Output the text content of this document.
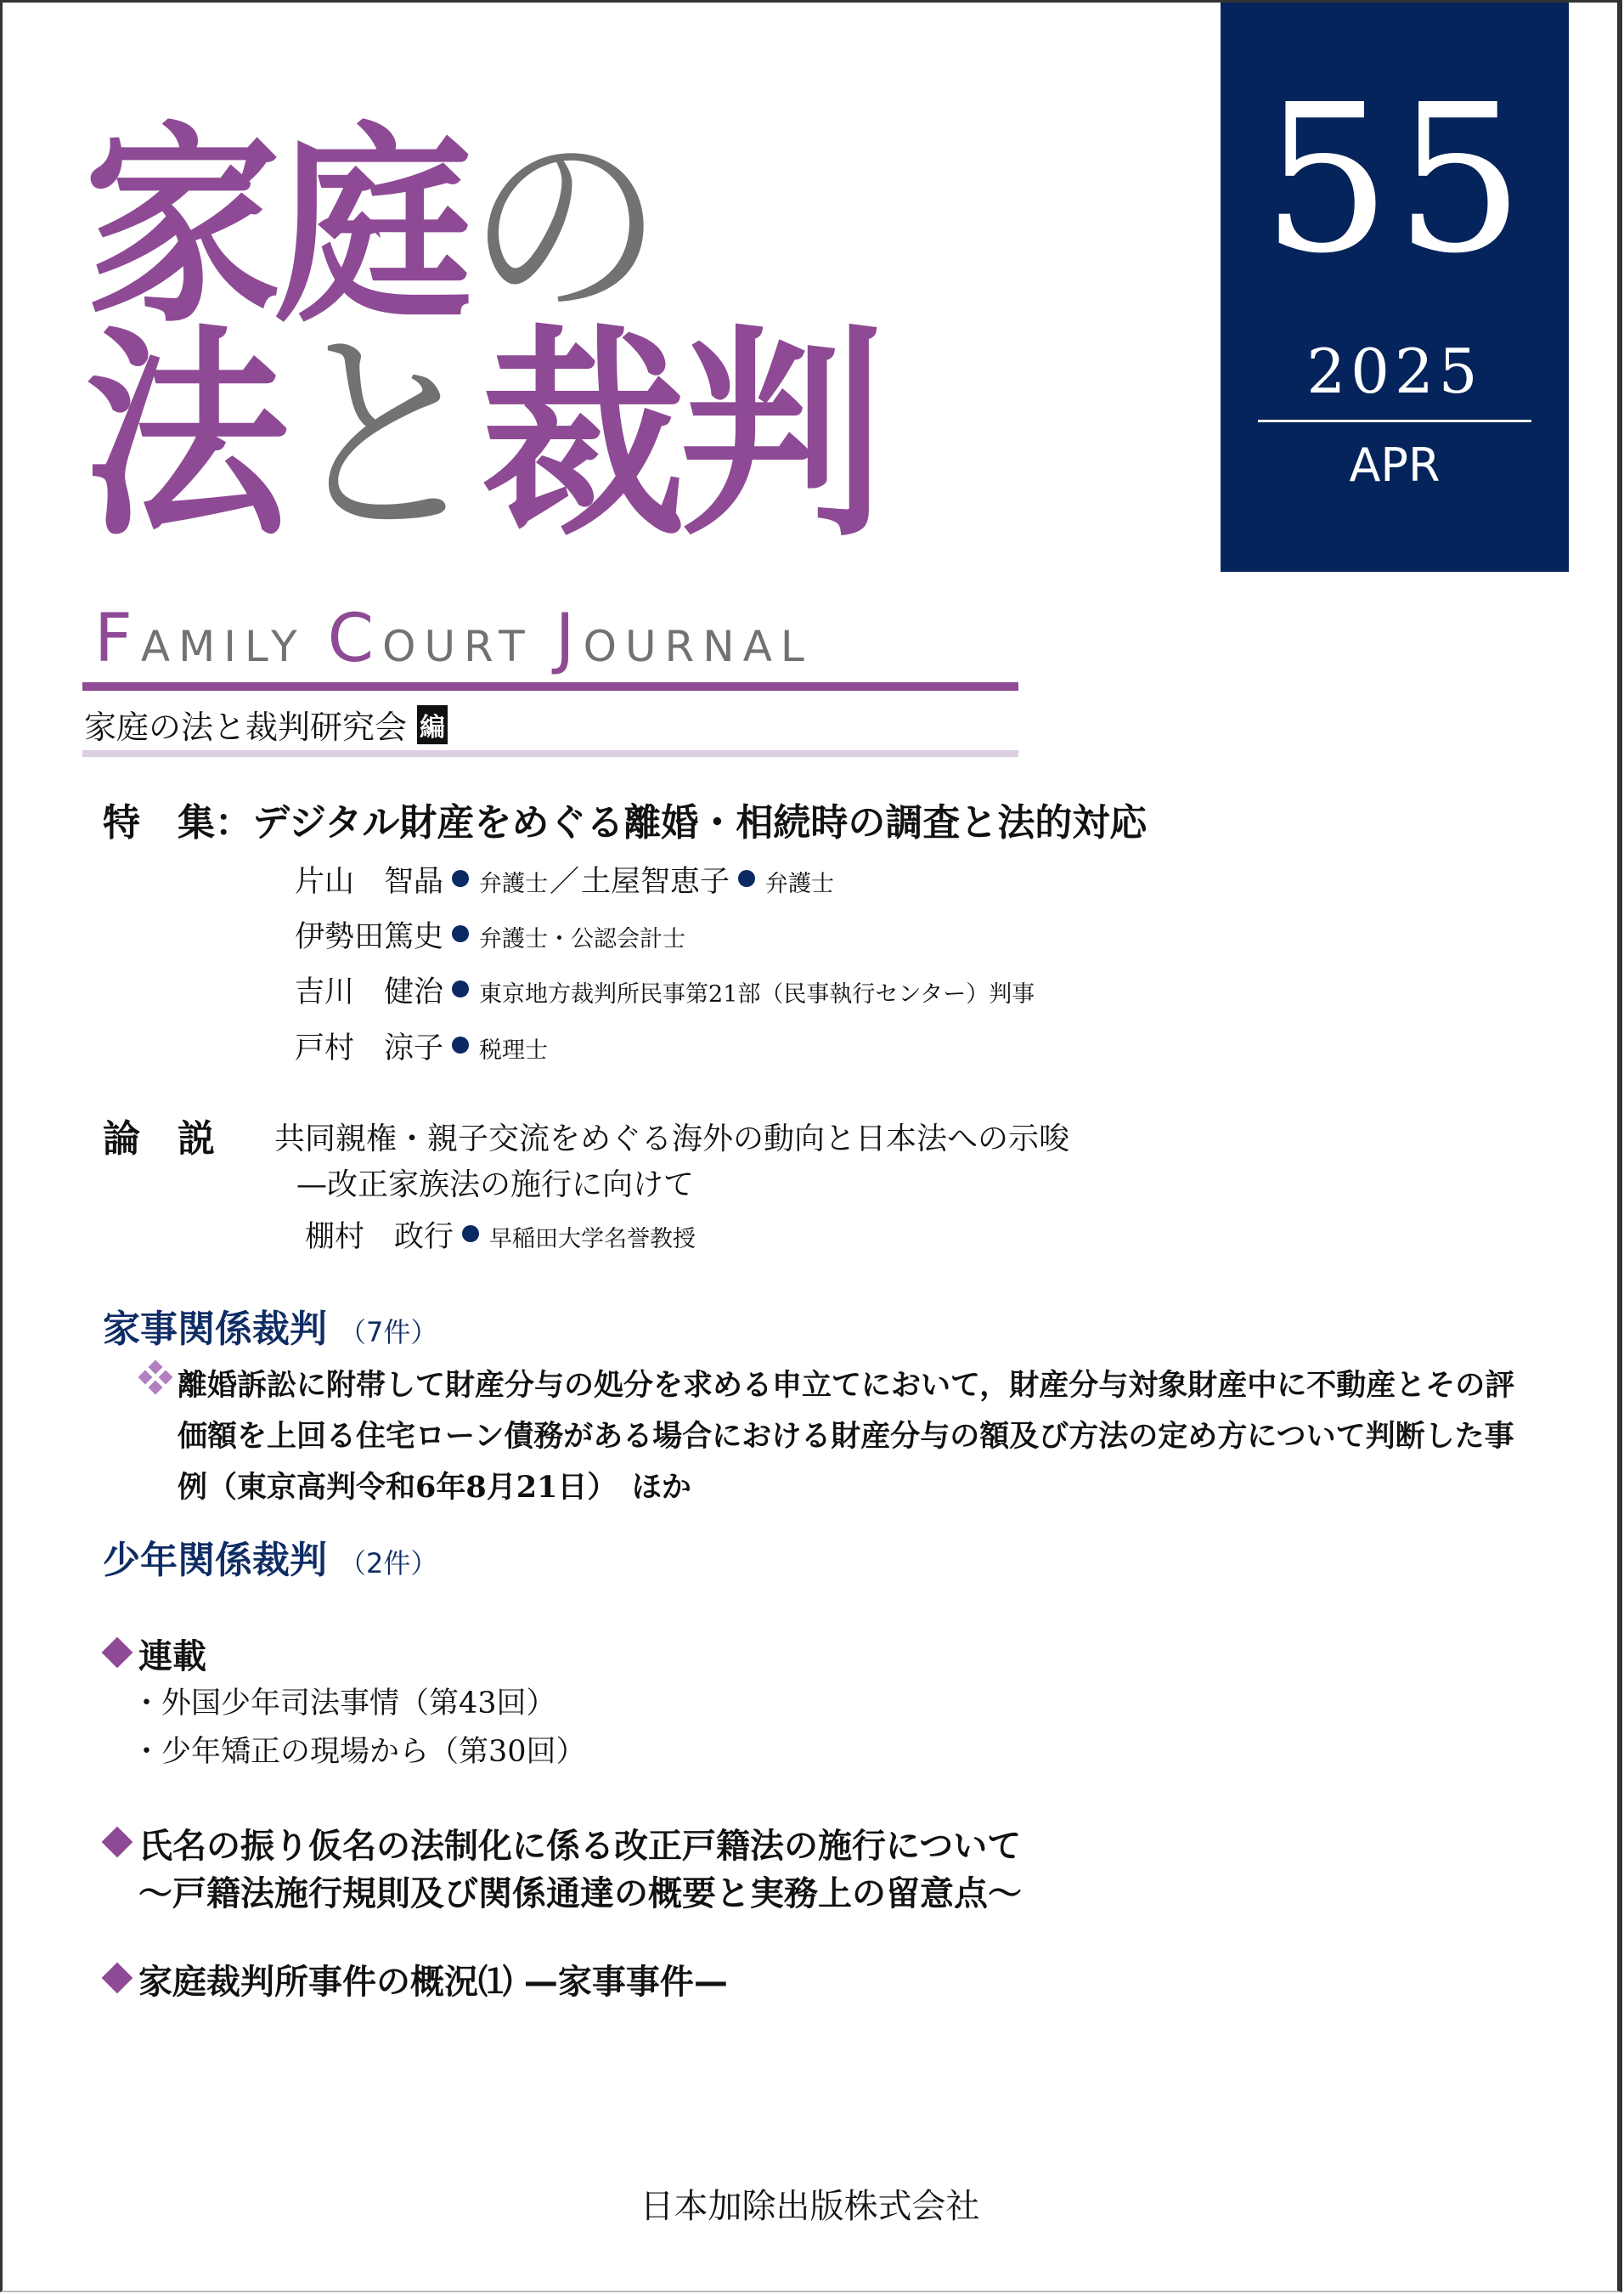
家庭の
法と裁判
FAMILY COURT JOURNAL
家庭の法と裁判研究会 編
55
2025
APR
特 集：デジタル財産をめぐる離婚・相続時の調査と法的対応
片山　智晶 弁護士／土屋智恵子 弁護士
伊勢田篤史 弁護士・公認会計士
吉川　健治 東京地方裁判所民事第21部（民事執行センター）判事
戸村　涼子 税理士
論 説 共同親権・親子交流をめぐる海外の動向と日本法への示唆
—改正家族法の施行に向けて
棚村　政行 早稲田大学名誉教授
家事関係裁判 （7件）
離婚訴訟に附帯して財産分与の処分を求める申立てにおいて，財産分与対象財産中に不動産とその評価額を上回る住宅ローン債務がある場合における財産分与の額及び方法の定め方について判断した事例（東京高判令和6年8月21日）　ほか
少年関係裁判 （2件）
連載
・外国少年司法事情（第43回）
・少年矯正の現場から（第30回）
氏名の振り仮名の法制化に係る改正戸籍法の施行について
～戸籍法施行規則及び関係通達の概要と実務上の留意点～
家庭裁判所事件の概況⑴ —家事事件—
日本加除出版株式会社
